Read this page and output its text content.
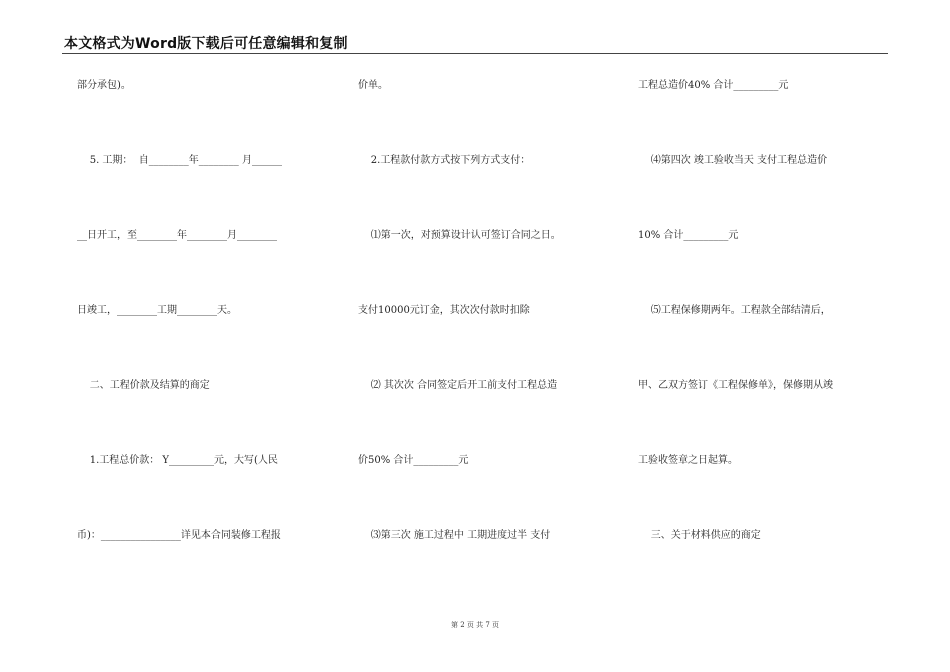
本文格式为Word版下载后可任意编辑和复制
部分承包)。
5. 工期：  自________年________ 月______
__日开工，至________年________月________
日竣工，________工期________天。
二、工程价款及结算的商定
1.工程总价款： Y_________元，大写(人民
币)：________________详见本合同装修工程报
价单。
2.工程款付款方式按下列方式支付：
⑴第一次，对预算设计认可签订合同之日。
支付10000元订金，其次次付款时扣除
⑵ 其次次 合同签定后开工前支付工程总造
价50% 合计_________元
⑶第三次 施工过程中 工期进度过半 支付
工程总造价40% 合计_________元
⑷第四次 竣工验收当天 支付工程总造价
10% 合计_________元
⑸工程保修期两年。工程款全部结清后，
甲、乙双方签订《工程保修单》，保修期从竣
工验收签章之日起算。
三、关于材料供应的商定
第 2 页 共 7 页
